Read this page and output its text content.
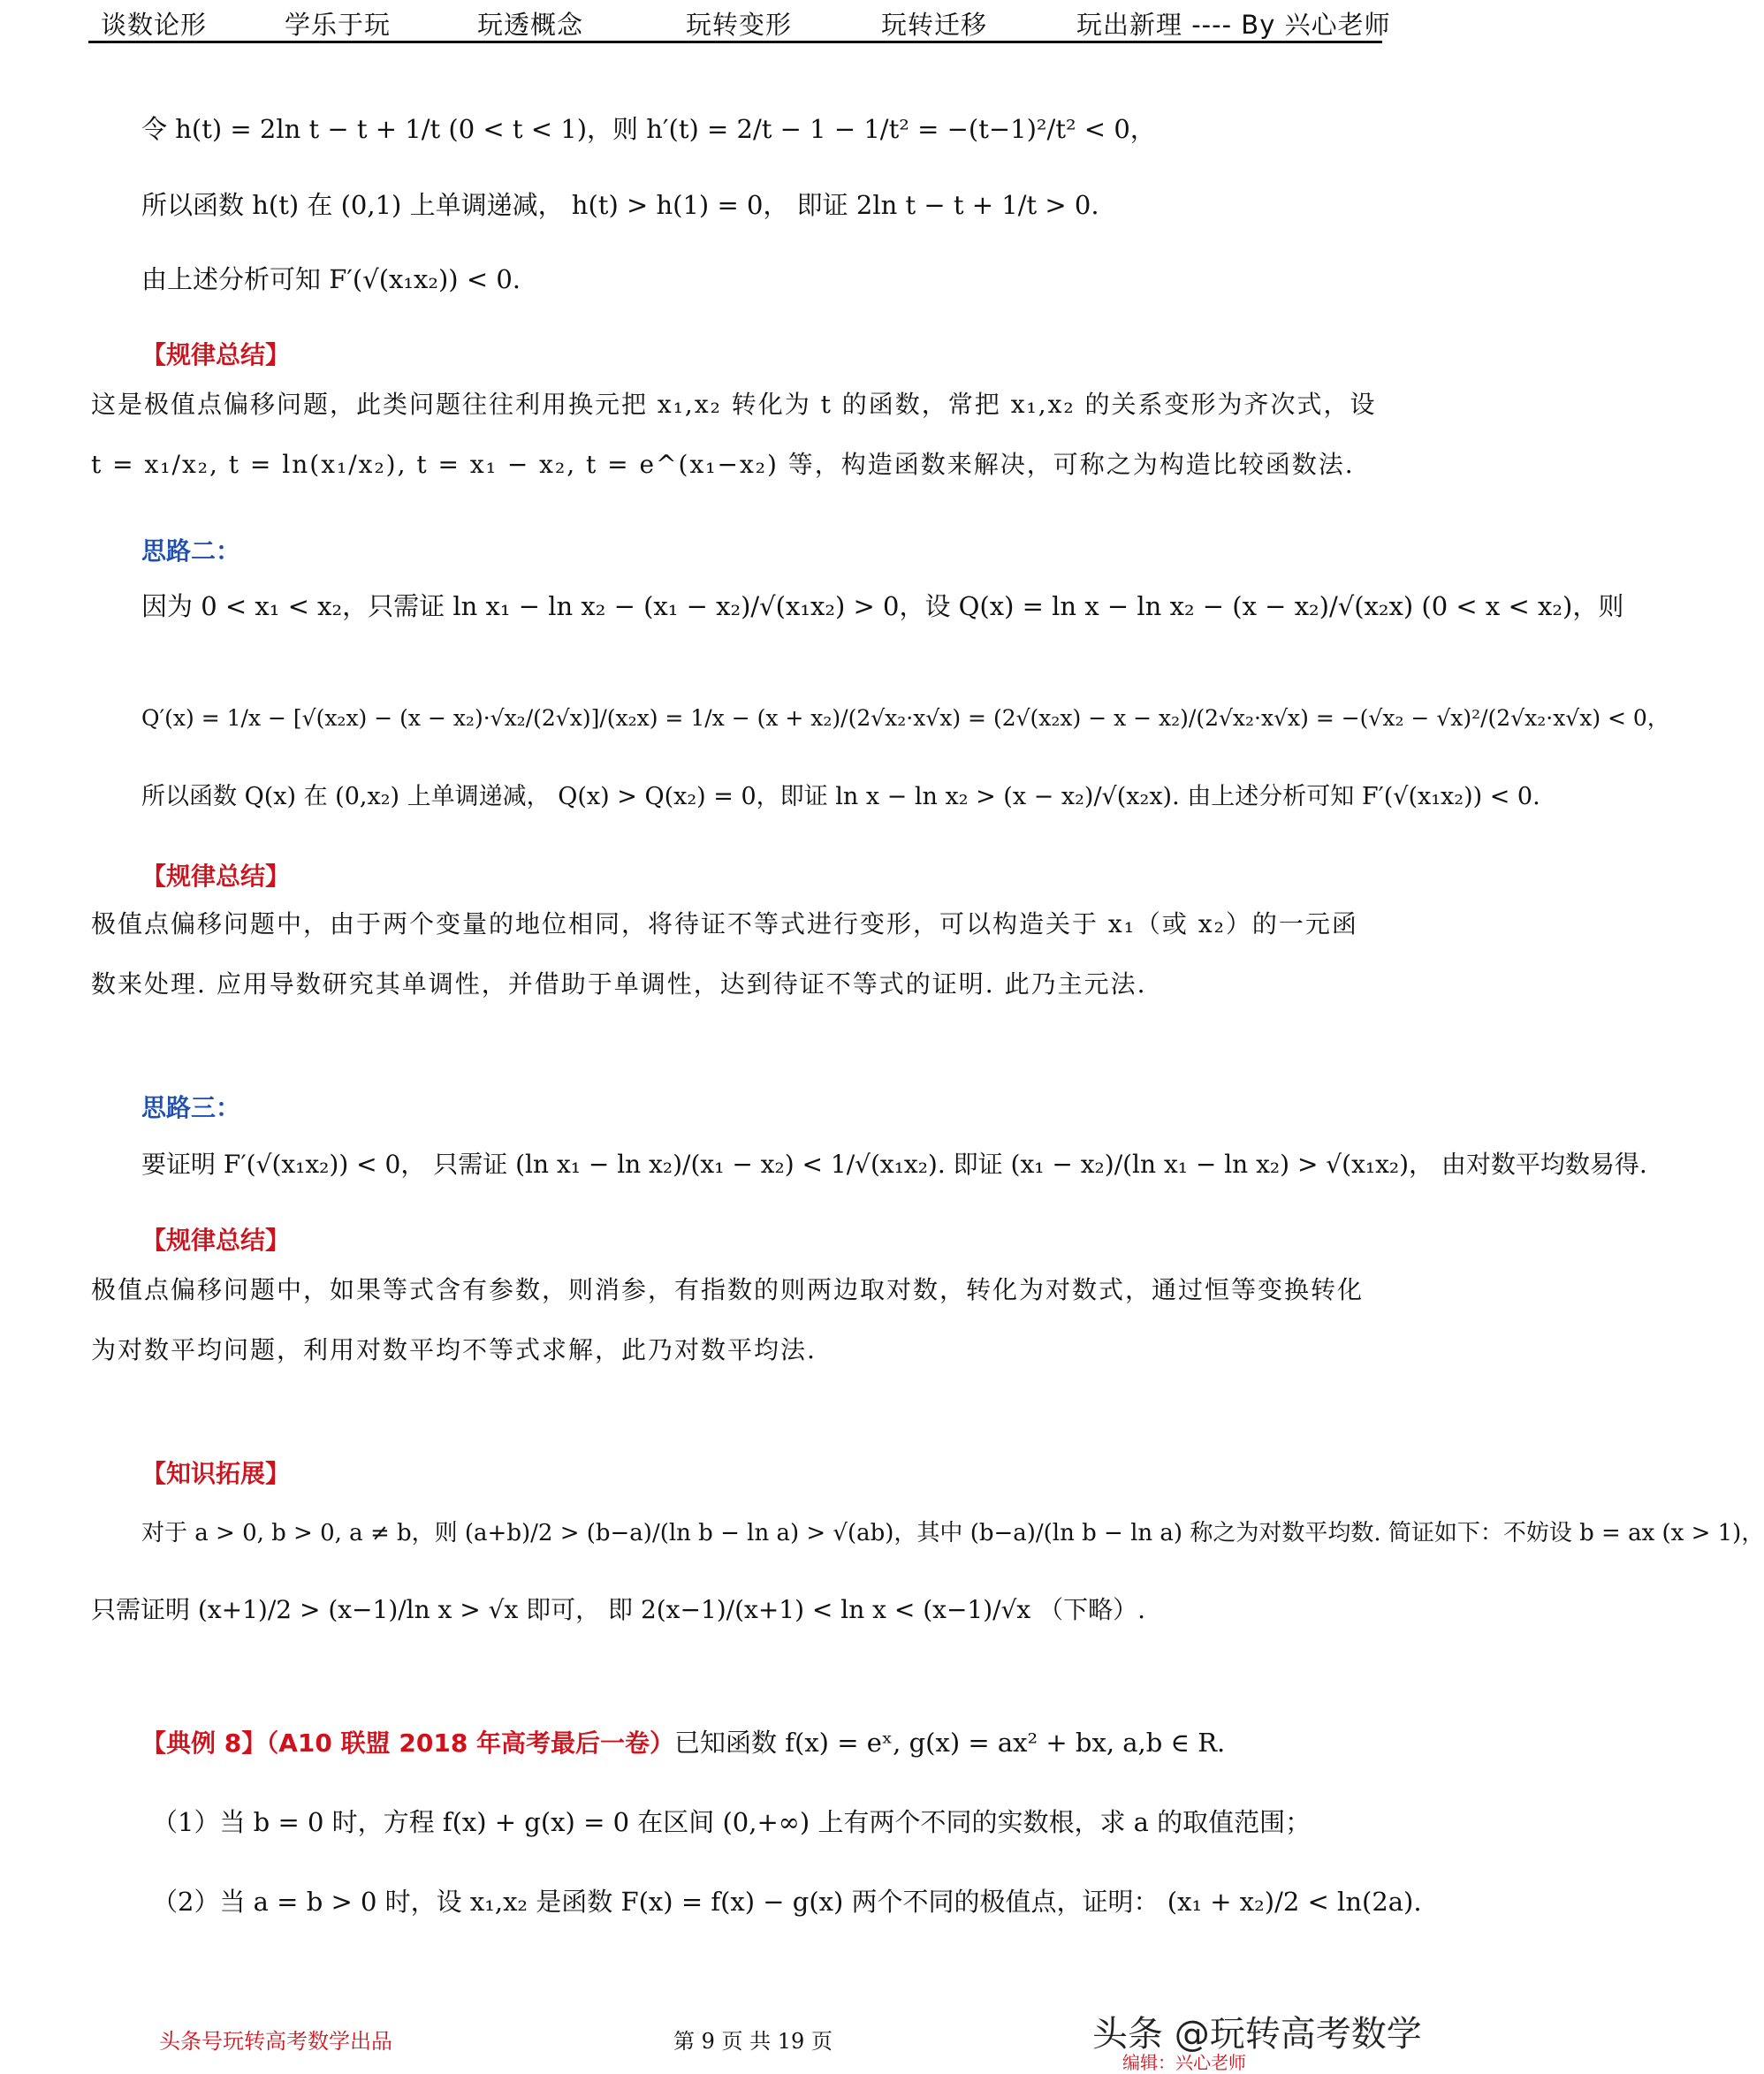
谈数论形	学乐于玩	玩透概念	玩转变形	玩转迁移	玩出新理 ---- By 兴心老师
令 h(t) = 2ln t − t + 1/t (0 < t < 1)，则 h′(t) = 2/t − 1 − 1/t² = −(t−1)²/t² < 0，
所以函数 h(t) 在 (0,1) 上单调递减， h(t) > h(1) = 0， 即证 2ln t − t + 1/t > 0.
由上述分析可知 F′(√(x₁x₂)) < 0.
【规律总结】
这是极值点偏移问题，此类问题往往利用换元把 x₁,x₂ 转化为 t 的函数，常把 x₁,x₂ 的关系变形为齐次式，设 t = x₁/x₂, t = ln(x₁/x₂), t = x₁ − x₂, t = e^(x₁−x₂) 等，构造函数来解决，可称之为构造比较函数法.
思路二：
因为 0 < x₁ < x₂，只需证 ln x₁ − ln x₂ − (x₁ − x₂)/√(x₁x₂) > 0，设 Q(x) = ln x − ln x₂ − (x − x₂)/√(x₂x) (0 < x < x₂)，则
Q′(x) = 1/x − [√(x₂x) − (x − x₂)·√x₂/(2√x)]/(x₂x) = 1/x − (x + x₂)/(2√x₂·x√x) = (2√(x₂x) − x − x₂)/(2√x₂·x√x) = −(√x₂ − √x)²/(2√x₂·x√x) < 0，
所以函数 Q(x) 在 (0,x₂) 上单调递减， Q(x) > Q(x₂) = 0，即证 ln x − ln x₂ > (x − x₂)/√(x₂x). 由上述分析可知 F′(√(x₁x₂)) < 0.
【规律总结】
极值点偏移问题中，由于两个变量的地位相同，将待证不等式进行变形，可以构造关于 x₁（或 x₂）的一元函数来处理. 应用导数研究其单调性，并借助于单调性，达到待证不等式的证明. 此乃主元法.
思路三：
要证明 F′(√(x₁x₂)) < 0， 只需证 (ln x₁ − ln x₂)/(x₁ − x₂) < 1/√(x₁x₂). 即证 (x₁ − x₂)/(ln x₁ − ln x₂) > √(x₁x₂)， 由对数平均数易得.
【规律总结】
极值点偏移问题中，如果等式含有参数，则消参，有指数的则两边取对数，转化为对数式，通过恒等变换转化为对数平均问题，利用对数平均不等式求解，此乃对数平均法.
【知识拓展】
对于 a > 0, b > 0, a ≠ b，则 (a+b)/2 > (b−a)/(ln b − ln a) > √(ab)，其中 (b−a)/(ln b − ln a) 称之为对数平均数. 简证如下：不妨设 b = ax (x > 1)，
只需证明 (x+1)/2 > (x−1)/ln x > √x 即可， 即 2(x−1)/(x+1) < ln x < (x−1)/√x （下略）.
【典例 8】（A10 联盟 2018 年高考最后一卷）已知函数 f(x) = eˣ, g(x) = ax² + bx, a,b ∈ R.
（1）当 b = 0 时，方程 f(x) + g(x) = 0 在区间 (0,+∞) 上有两个不同的实数根，求 a 的取值范围；
（2）当 a = b > 0 时，设 x₁,x₂ 是函数 F(x) = f(x) − g(x) 两个不同的极值点，证明： (x₁ + x₂)/2 < ln(2a).
头条号玩转高考数学出品	第 9 页 共 19 页
编辑：兴心老师
头条 @玩转高考数学
